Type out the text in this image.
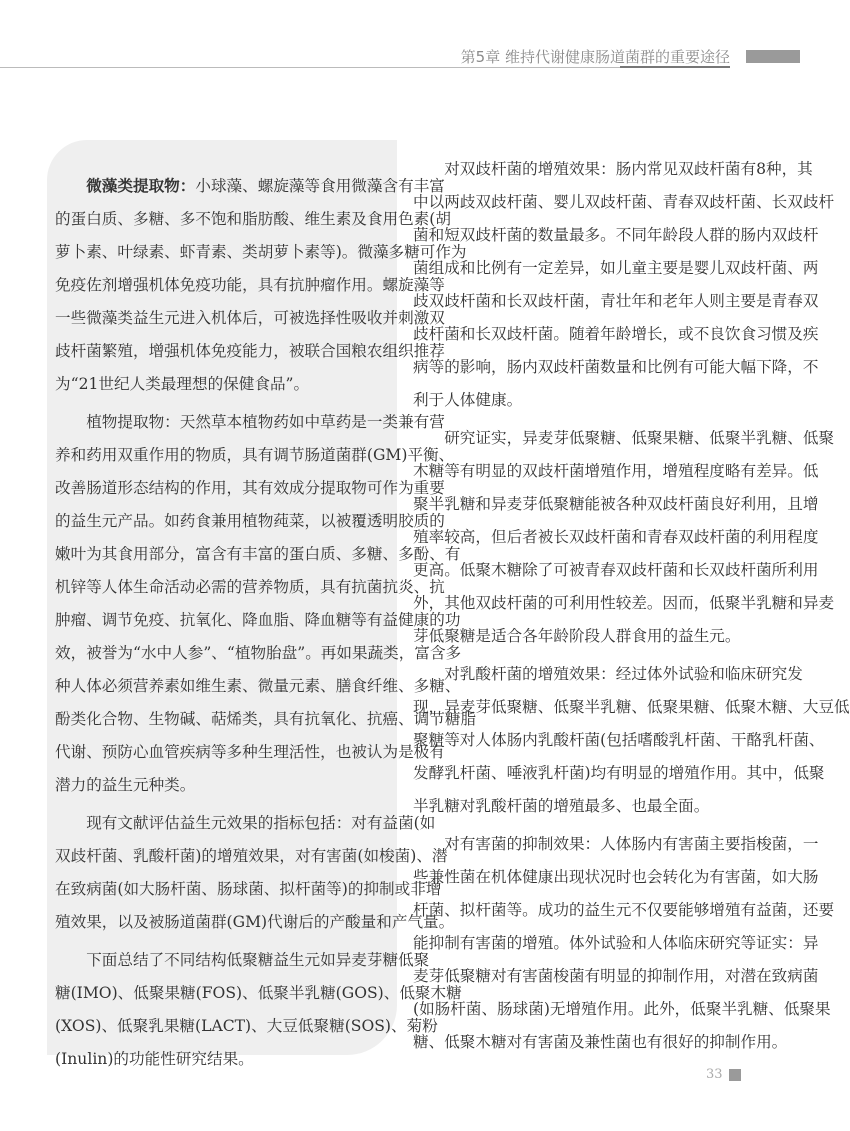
第5章 维持代谢健康肠道菌群的重要途径
微藻类提取物：小球藻、螺旋藻等食用微藻含有丰富
的蛋白质、多糖、多不饱和脂肪酸、维生素及食用色素(胡
萝卜素、叶绿素、虾青素、类胡萝卜素等)。微藻多糖可作为
免疫佐剂增强机体免疫功能，具有抗肿瘤作用。螺旋藻等
一些微藻类益生元进入机体后，可被选择性吸收并刺激双
歧杆菌繁殖，增强机体免疫能力，被联合国粮农组织推荐
为“21世纪人类最理想的保健食品”。
植物提取物：天然草本植物药如中草药是一类兼有营
养和药用双重作用的物质，具有调节肠道菌群(GM)平衡、
改善肠道形态结构的作用，其有效成分提取物可作为重要
的益生元产品。如药食兼用植物莼菜，以被覆透明胶质的
嫩叶为其食用部分，富含有丰富的蛋白质、多糖、多酚、有
机锌等人体生命活动必需的营养物质，具有抗菌抗炎、抗
肿瘤、调节免疫、抗氧化、降血脂、降血糖等有益健康的功
效，被誉为“水中人参”、“植物胎盘”。再如果蔬类，富含多
种人体必须营养素如维生素、微量元素、膳食纤维、多糖、
酚类化合物、生物碱、萜烯类，具有抗氧化、抗癌、调节糖脂
代谢、预防心血管疾病等多种生理活性，也被认为是极有
潜力的益生元种类。
现有文献评估益生元效果的指标包括：对有益菌(如
双歧杆菌、乳酸杆菌)的增殖效果，对有害菌(如梭菌)、潜
在致病菌(如大肠杆菌、肠球菌、拟杆菌等)的抑制或非增
殖效果，以及被肠道菌群(GM)代谢后的产酸量和产气量。
下面总结了不同结构低聚糖益生元如异麦芽糖低聚
糖(IMO)、低聚果糖(FOS)、低聚半乳糖(GOS)、低聚木糖
(XOS)、低聚乳果糖(LACT)、大豆低聚糖(SOS)、菊粉
(Inulin)的功能性研究结果。
对双歧杆菌的增殖效果：肠内常见双歧杆菌有8种，其
中以两歧双歧杆菌、婴儿双歧杆菌、青春双歧杆菌、长双歧杆
菌和短双歧杆菌的数量最多。不同年龄段人群的肠内双歧杆
菌组成和比例有一定差异，如儿童主要是婴儿双歧杆菌、两
歧双歧杆菌和长双歧杆菌，青壮年和老年人则主要是青春双
歧杆菌和长双歧杆菌。随着年龄增长，或不良饮食习惯及疾
病等的影响，肠内双歧杆菌数量和比例有可能大幅下降，不
利于人体健康。
研究证实，异麦芽低聚糖、低聚果糖、低聚半乳糖、低聚
木糖等有明显的双歧杆菌增殖作用，增殖程度略有差异。低
聚半乳糖和异麦芽低聚糖能被各种双歧杆菌良好利用，且增
殖率较高，但后者被长双歧杆菌和青春双歧杆菌的利用程度
更高。低聚木糖除了可被青春双歧杆菌和长双歧杆菌所利用
外，其他双歧杆菌的可利用性较差。因而，低聚半乳糖和异麦
芽低聚糖是适合各年龄阶段人群食用的益生元。
对乳酸杆菌的增殖效果：经过体外试验和临床研究发
现，异麦芽低聚糖、低聚半乳糖、低聚果糖、低聚木糖、大豆低
聚糖等对人体肠内乳酸杆菌(包括嗜酸乳杆菌、干酪乳杆菌、
发酵乳杆菌、唾液乳杆菌)均有明显的增殖作用。其中，低聚
半乳糖对乳酸杆菌的增殖最多、也最全面。
对有害菌的抑制效果：人体肠内有害菌主要指梭菌，一
些兼性菌在机体健康出现状况时也会转化为有害菌，如大肠
杆菌、拟杆菌等。成功的益生元不仅要能够增殖有益菌，还要
能抑制有害菌的增殖。体外试验和人体临床研究等证实：异
麦芽低聚糖对有害菌梭菌有明显的抑制作用，对潜在致病菌
(如肠杆菌、肠球菌)无增殖作用。此外，低聚半乳糖、低聚果
糖、低聚木糖对有害菌及兼性菌也有很好的抑制作用。
33
